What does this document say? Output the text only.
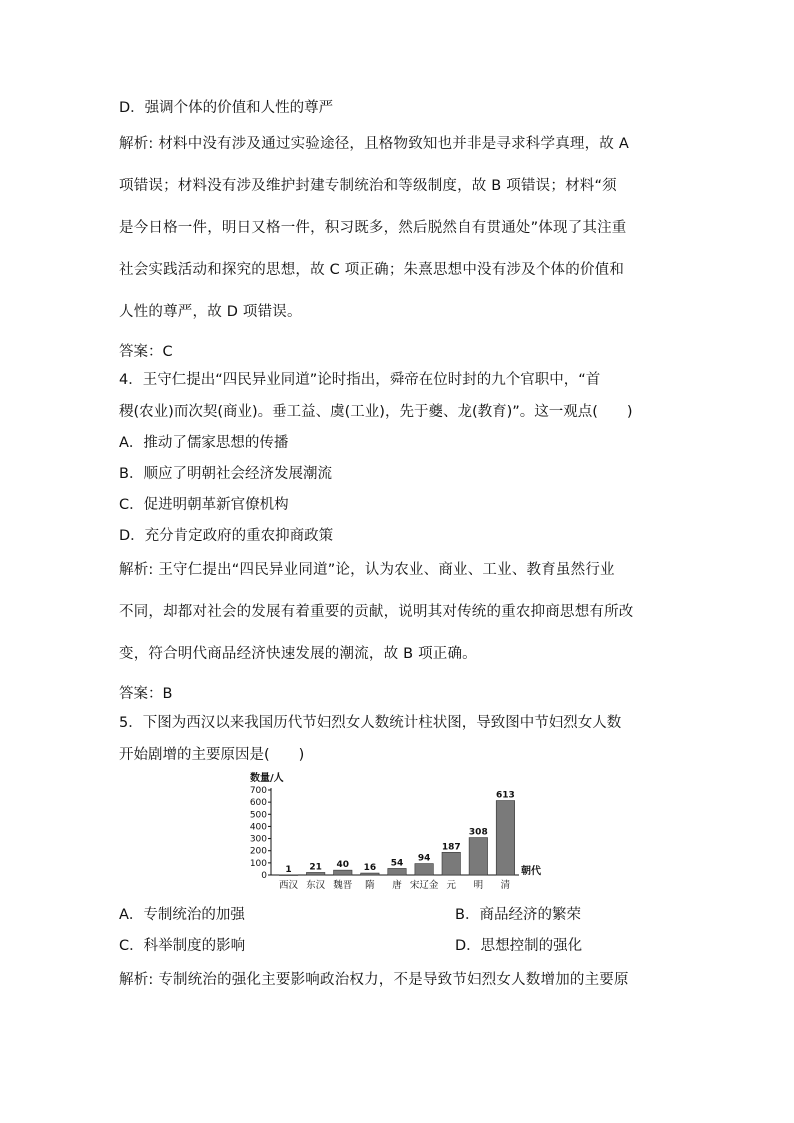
D．强调个体的价值和人性的尊严
解析: 材料中没有涉及通过实验途径，且格物致知也并非是寻求科学真理，故 A
项错误；材料没有涉及维护封建专制统治和等级制度，故 B 项错误；材料“须
是今日格一件，明日又格一件，积习既多，然后脱然自有贯通处”体现了其注重
社会实践活动和探究的思想，故 C 项正确；朱熹思想中没有涉及个体的价值和
人性的尊严，故 D 项错误。
答案：C
4．王守仁提出“四民异业同道”论时指出，舜帝在位时封的九个官职中，“首
稷(农业)而次契(商业)。垂工益、虞(工业)，先于夔、龙(教育)”。这一观点(　　)
A．推动了儒家思想的传播
B．顺应了明朝社会经济发展潮流
C．促进明朝革新官僚机构
D．充分肯定政府的重农抑商政策
解析: 王守仁提出“四民异业同道”论，认为农业、商业、工业、教育虽然行业
不同，却都对社会的发展有着重要的贡献，说明其对传统的重农抑商思想有所改
变，符合明代商品经济快速发展的潮流，故 B 项正确。
答案：B
5．下图为西汉以来我国历代节妇烈女人数统计柱状图，导致图中节妇烈女人数
开始剧增的主要原因是(　　)
数量/人
朝代
0
100
200
300
400
500
600
700
1
西汉
21
东汉
40
魏晋
16
隋
54
唐
94
宋辽金
187
元
308
明
613
清
A．专制统治的加强	B．商品经济的繁荣
C．科举制度的影响	D．思想控制的强化
解析: 专制统治的强化主要影响政治权力，不是导致节妇烈女人数增加的主要原
